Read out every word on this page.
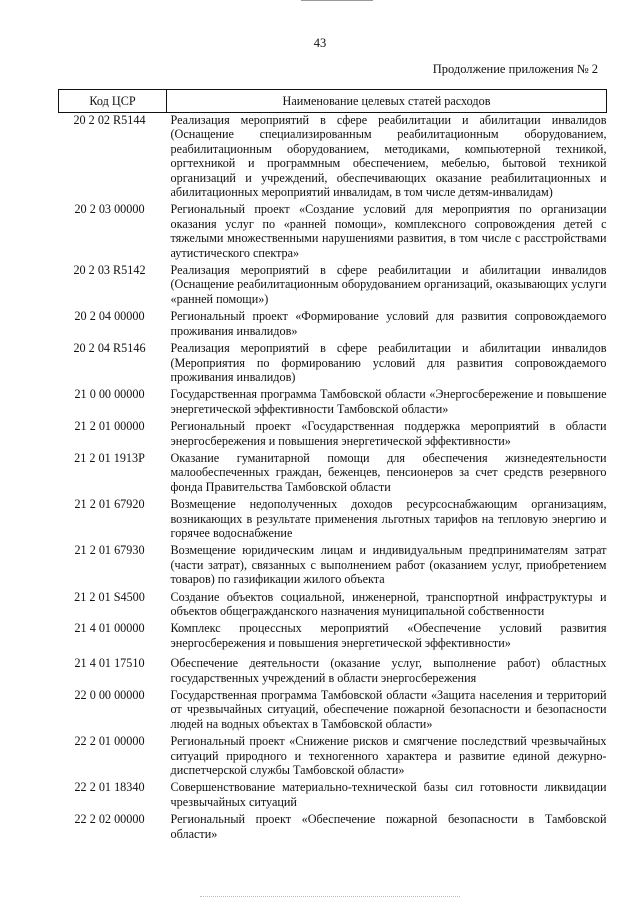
43
Продолжение приложения № 2
Код ЦСР	Наименование целевых статей расходов
20 2 02 R5144	Реализация мероприятий в сфере реабилитации и абилитации инвалидов (Оснащение специализированным реабилитационным оборудованием, реабилитационным оборудованием, методиками, компьютерной техникой, оргтехникой и программным обеспечением, мебелью, бытовой техникой организаций и учреждений, обеспечивающих оказание реабилитационных и абилитационных мероприятий инвалидам, в том числе детям-инвалидам)
20 2 03 00000	Региональный проект «Создание условий для мероприятия по организации оказания услуг по «ранней помощи», комплексного сопровождения детей с тяжелыми множественными нарушениями развития, в том числе с расстройствами аутистического спектра»
20 2 03 R5142	Реализация мероприятий в сфере реабилитации и абилитации инвалидов (Оснащение реабилитационным оборудованием организаций, оказывающих услуги «ранней помощи»)
20 2 04 00000	Региональный проект «Формирование условий для развития сопровождаемого проживания инвалидов»
20 2 04 R5146	Реализация мероприятий в сфере реабилитации и абилитации инвалидов (Мероприятия по формированию условий для развития сопровождаемого проживания инвалидов)
21 0 00 00000	Государственная программа Тамбовской области «Энергосбережение и повышение энергетической эффективности Тамбовской области»
21 2 01 00000	Региональный проект «Государственная поддержка мероприятий в области энергосбережения и повышения энергетической эффективности»
21 2 01 1913Р	Оказание гуманитарной помощи для обеспечения жизнедеятельности малообеспеченных граждан, беженцев, пенсионеров за счет средств резервного фонда Правительства Тамбовской области
21 2 01 67920	Возмещение недополученных доходов ресурсоснабжающим организациям, возникающих в результате применения льготных тарифов на тепловую энергию и горячее водоснабжение
21 2 01 67930	Возмещение юридическим лицам и индивидуальным предпринимателям затрат (части затрат), связанных с выполнением работ (оказанием услуг, приобретением товаров) по газификации жилого объекта
21 2 01 S4500	Создание объектов социальной, инженерной, транспортной инфраструктуры и объектов общегражданского назначения муниципальной собственности
21 4 01 00000	Комплекс процессных мероприятий «Обеспечение условий развития энергосбережения и повышения энергетической эффективности»
21 4 01 17510	Обеспечение деятельности (оказание услуг, выполнение работ) областных государственных учреждений в области энергосбережения
22 0 00 00000	Государственная программа Тамбовской области «Защита населения и территорий от чрезвычайных ситуаций, обеспечение пожарной безопасности и безопасности людей на водных объектах в Тамбовской области»
22 2 01 00000	Региональный проект «Снижение рисков и смягчение последствий чрезвычайных ситуаций природного и техногенного характера и развитие единой дежурно-диспетчерской службы Тамбовской области»
22 2 01 18340	Совершенствование материально-технической базы сил готовности ликвидации чрезвычайных ситуаций
22 2 02 00000	Региональный проект «Обеспечение пожарной безопасности в Тамбовской области»
